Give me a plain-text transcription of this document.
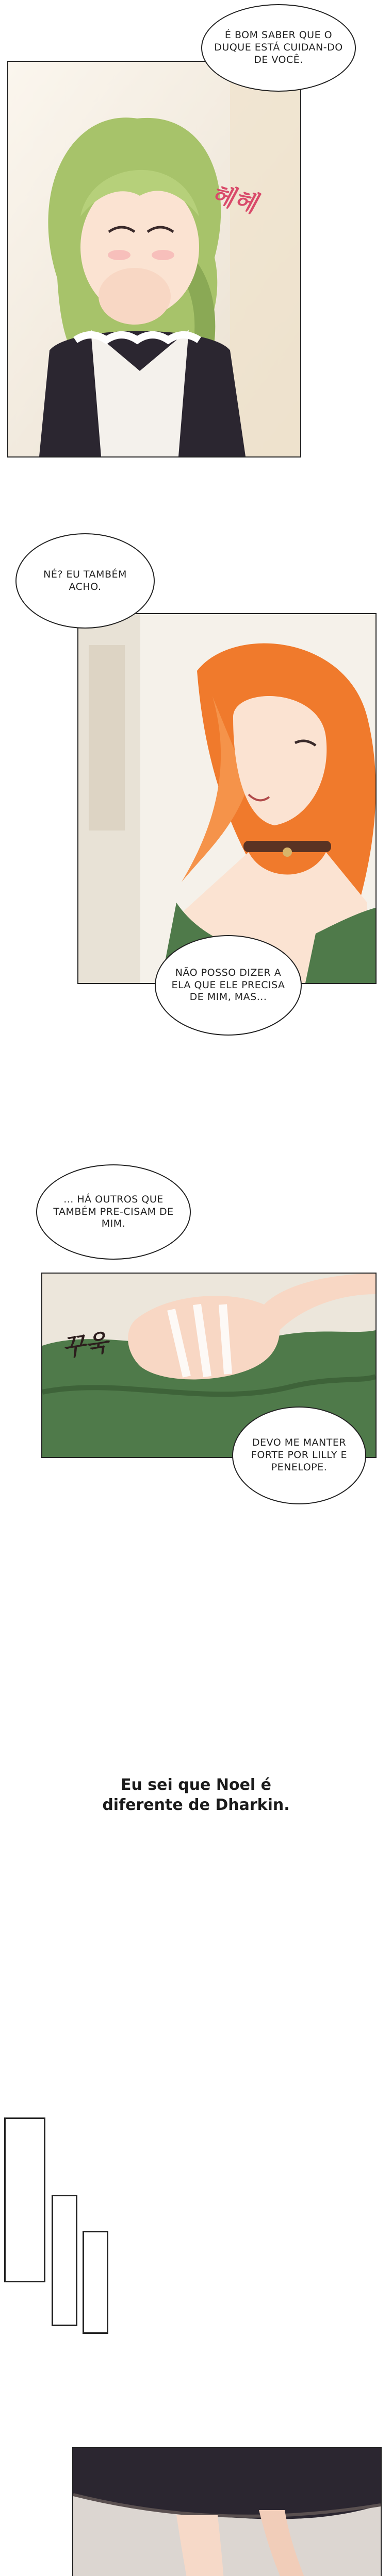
É BOM SABER QUE O DUQUE ESTÁ CUIDAN-DO DE VOCÊ.
헤헤
NÉ? EU TAMBÉM ACHO.
NÃO POSSO DIZER A ELA QUE ELE PRECISA DE MIM, MAS...
... HÁ OUTROS QUE TAMBÉM PRE-CISAM DE MIM.
꾸욱
DEVO ME MANTER FORTE POR LILLY E PENELOPE.
Eu sei que Noel é
diferente de Dharkin.
